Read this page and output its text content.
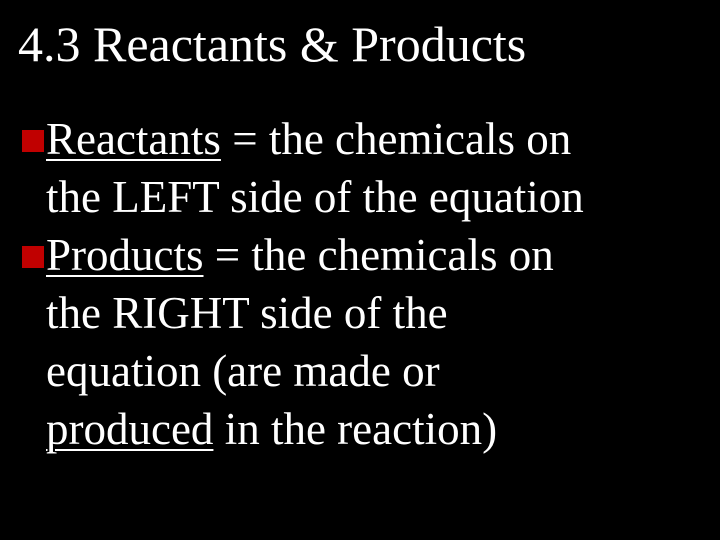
4.3 Reactants & Products
Reactants = the chemicals on
the LEFT side of the equation
Products = the chemicals on
the RIGHT side of the
equation (are made or
produced in the reaction)
